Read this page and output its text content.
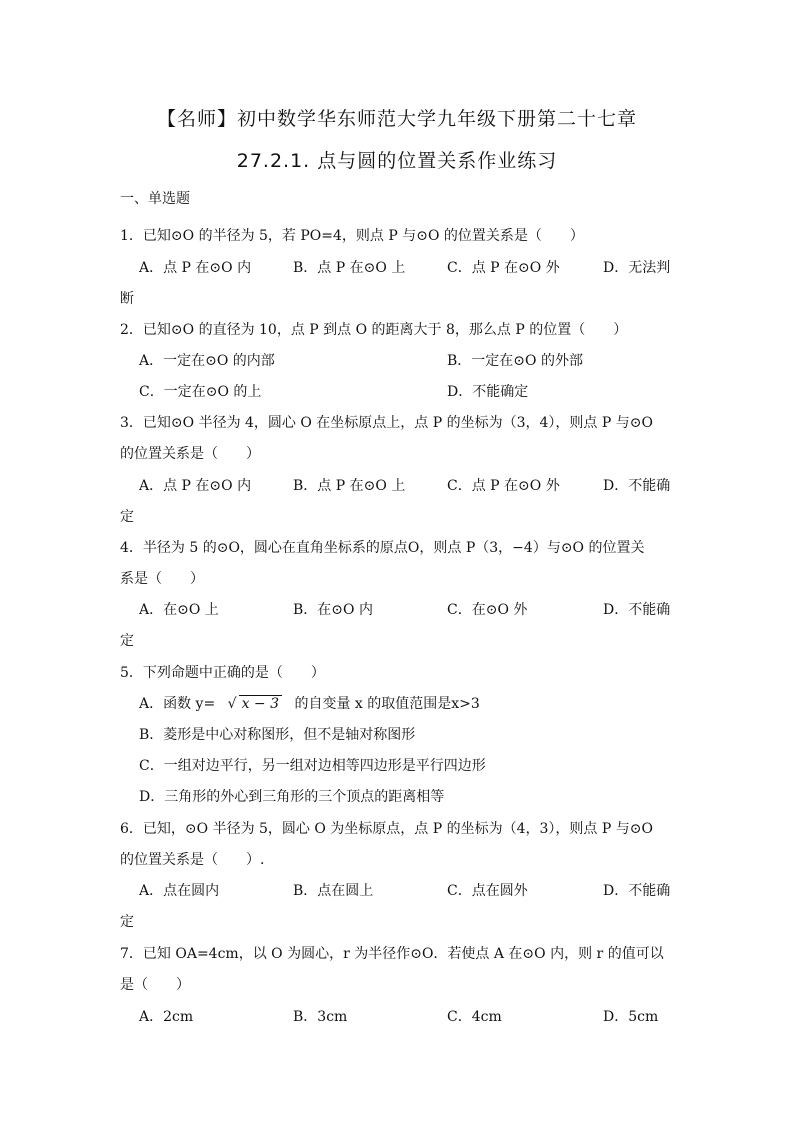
【名师】初中数学华东师范大学九年级下册第二十七章
27.2.1. 点与圆的位置关系作业练习
一、单选题
1．已知⊙O 的半径为 5，若 PO=4，则点 P 与⊙O 的位置关系是（　　）
A．点 P 在⊙O 内	B．点 P 在⊙O 上	C．点 P 在⊙O 外	D．无法判
断
2．已知⊙O 的直径为 10，点 P 到点 O 的距离大于 8，那么点 P 的位置（　　）
A．一定在⊙O 的内部	B．一定在⊙O 的外部
C．一定在⊙O 的上	D．不能确定
3．已知⊙O 半径为 4，圆心 O 在坐标原点上，点 P 的坐标为（3，4），则点 P 与⊙O
的位置关系是（　　）
A．点 P 在⊙O 内	B．点 P 在⊙O 上	C．点 P 在⊙O 外	D．不能确
定
4．半径为 5 的⊙O，圆心在直角坐标系的原点O，则点 P（3，−4）与⊙O 的位置关
系是（　　）
A．在⊙O 上	B．在⊙O 内	C．在⊙O 外	D．不能确
定
5．下列命题中正确的是（　　）
A．函数 y= √ x − 3 的自变量 x 的取值范围是x>3
B．菱形是中心对称图形，但不是轴对称图形
C．一组对边平行，另一组对边相等四边形是平行四边形
D．三角形的外心到三角形的三个顶点的距离相等
6．已知，⊙O 半径为 5，圆心 O 为坐标原点，点 P 的坐标为（4，3），则点 P 与⊙O
的位置关系是（　　）.
A．点在圆内	B．点在圆上	C．点在圆外	D．不能确
定
7．已知 OA=4cm，以 O 为圆心，r 为半径作⊙O．若使点 A 在⊙O 内，则 r 的值可以
是（　　）
A．2cm	B．3cm	C．4cm	D．5cm
